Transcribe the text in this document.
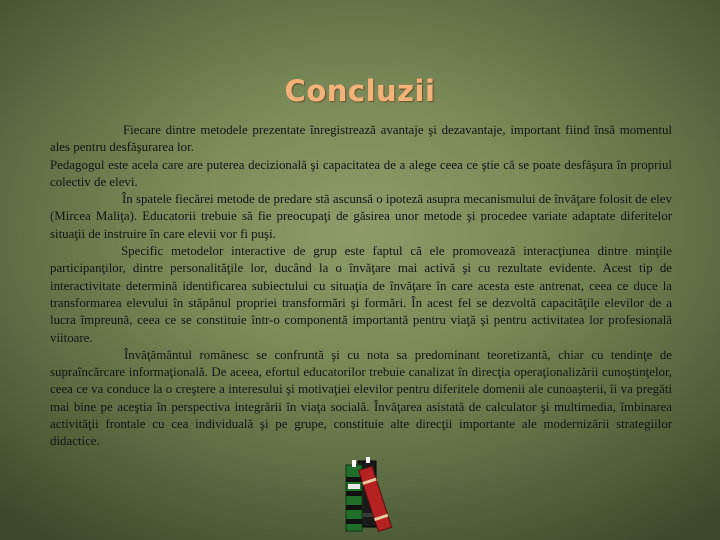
Concluzii

Fiecare dintre metodele prezentate înregistrează avantaje şi dezavantaje, important fiind însă momentul ales pentru desfăşurarea lor.

Pedagogul este acela care are puterea decizională şi capacitatea de a alege ceea ce ştie că se poate desfăşura în propriul colectiv de elevi.

În spatele fiecărei metode de predare stă ascunsă o ipoteză asupra mecanismului de învăţare folosit de elev (Mircea Maliţa). Educatorii trebuie să fie preocupaţi de găsirea unor metode şi procedee variate adaptate diferitelor situaţii de instruire în care elevii vor fi puşi.

Specific metodelor interactive de grup este faptul că ele promovează interacţiunea dintre minţile participanţilor, dintre personalităţile lor, ducând la o învăţare mai activă şi cu rezultate evidente. Acest tip de interactivitate determină identificarea subiectului cu situaţia de învăţare în care acesta este antrenat, ceea ce duce la transformarea elevului în stăpânul propriei transformări şi formări. În acest fel se dezvoltă capacităţile elevilor de a lucra împreună, ceea ce se constituie într-o componentă importantă pentru viaţă şi pentru activitatea lor profesională viitoare.

Învăţământul românesc se confruntă şi cu nota sa predominant teoretizantă, chiar cu tendinţe de supraîncărcare informaţională. De aceea, efortul educatorilor trebuie canalizat în direcţia operaţionalizării cunoştinţelor, ceea ce va conduce la o creştere a interesului şi motivaţiei elevilor pentru diferitele domenii ale cunoaşterii, îi va pregăti mai bine pe aceştia în perspectiva integrării în viaţa socială. Învăţarea asistată de calculator şi multimedia, îmbinarea activităţii frontale cu cea individuală şi pe grupe, constituie alte direcţii importante ale modernizării strategiilor didactice.
